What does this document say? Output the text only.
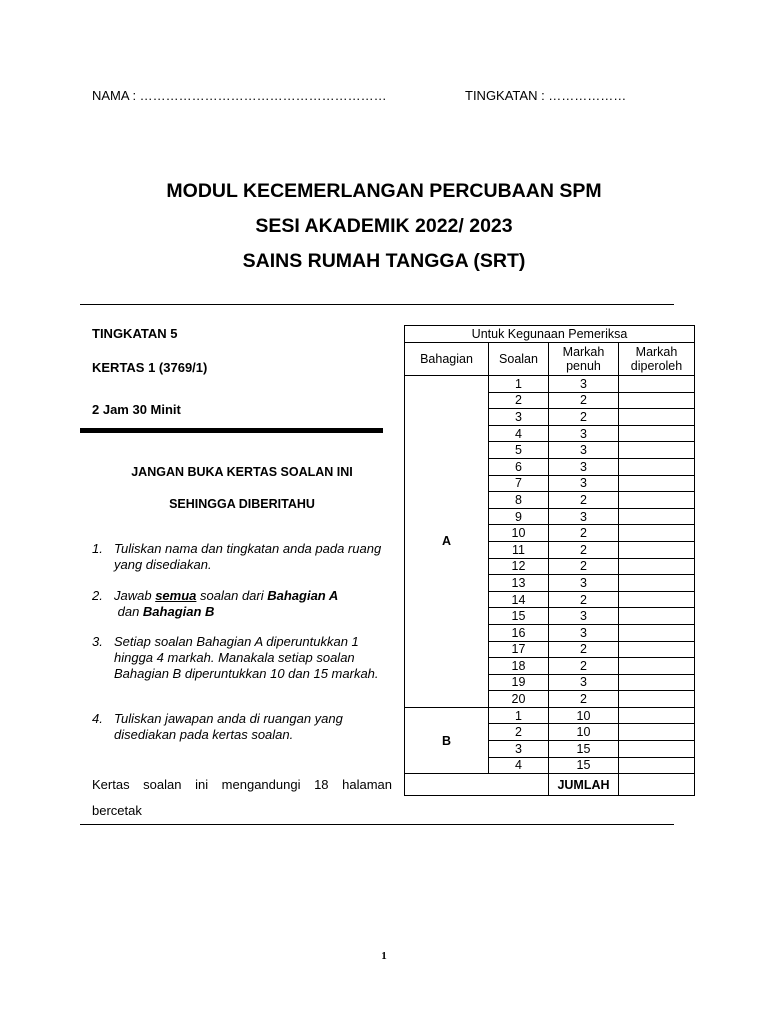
NAMA : …………………………………………………	TINGKATAN : ………………
MODUL KECEMERLANGAN PERCUBAAN SPM
SESI AKADEMIK 2022/ 2023
SAINS RUMAH TANGGA (SRT)
TINGKATAN 5
KERTAS 1 (3769/1)
2 Jam 30 Minit
JANGAN BUKA KERTAS SOALAN INI
SEHINGGA DIBERITAHU
1. Tuliskan nama dan tingkatan anda pada ruang yang disediakan.
2. Jawab semua soalan dari Bahagian A dan Bahagian B
3. Setiap soalan Bahagian A diperuntukkan 1 hingga 4 markah. Manakala setiap soalan Bahagian B diperuntukkan 10 dan 15 markah.
4. Tuliskan jawapan anda di ruangan yang disediakan pada kertas soalan.
Kertas soalan ini mengandungi 18 halaman bercetak
Untuk Kegunaan Pemeriksa			
Bahagian	Soalan	Markah penuh	Markah diperoleh
A	1	3	
	2	2	
	3	2	
	4	3	
	5	3	
	6	3	
	7	3	
	8	2	
	9	3	
	10	2	
	11	2	
	12	2	
	13	3	
	14	2	
	15	3	
	16	3	
	17	2	
	18	2	
	19	3	
	20	2	
B	1	10	
	2	10	
	3	15	
	4	15	
		JUMLAH	
1
